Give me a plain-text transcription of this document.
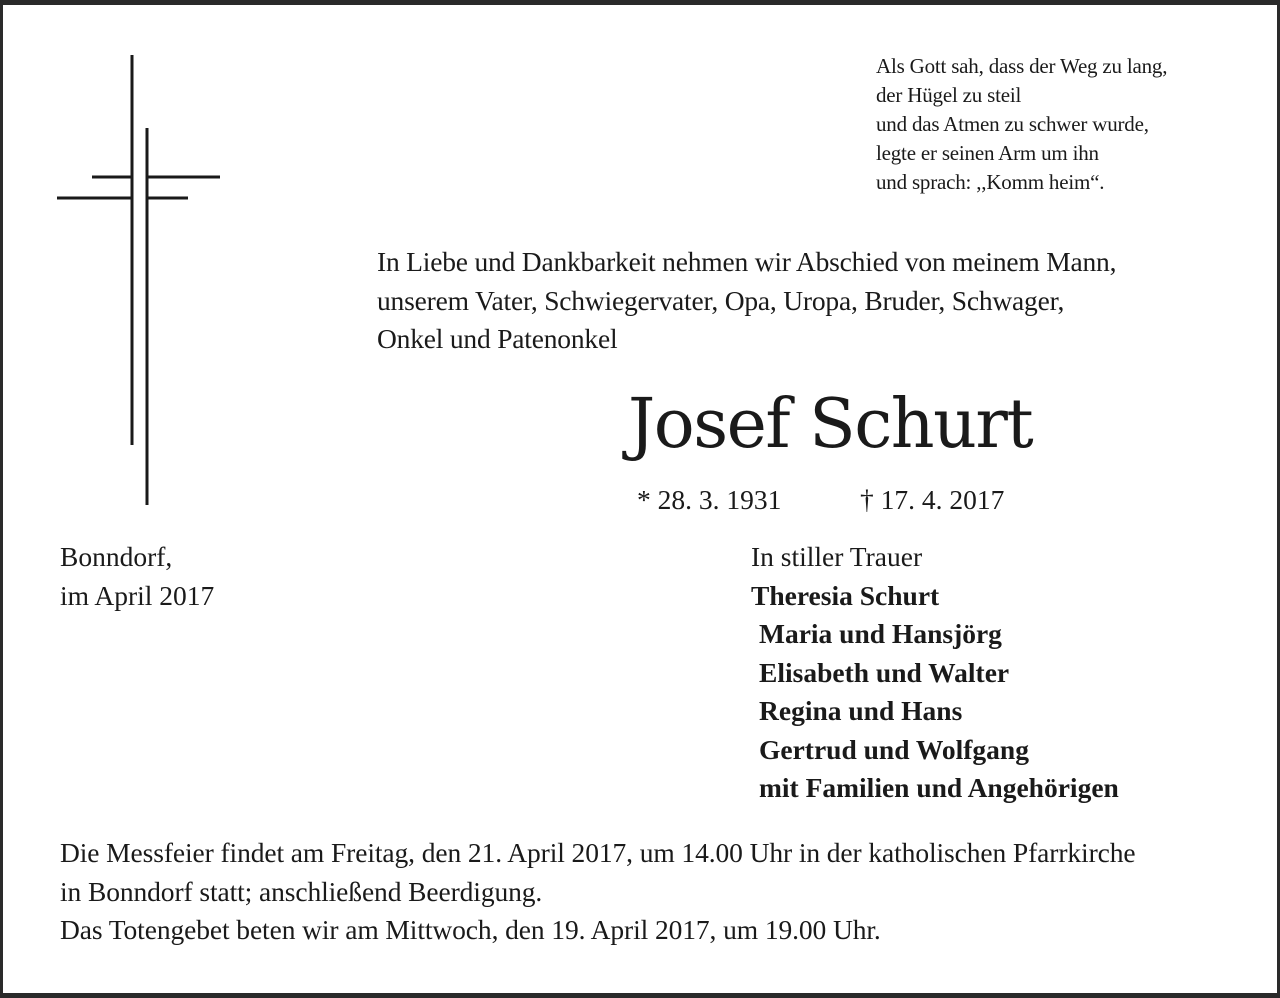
Als Gott sah, dass der Weg zu lang,
der Hügel zu steil
und das Atmen zu schwer wurde,
legte er seinen Arm um ihn
und sprach: ,,Komm heim“.
In Liebe und Dankbarkeit nehmen wir Abschied von meinem Mann,
unserem Vater, Schwiegervater, Opa, Uropa, Bruder, Schwager,
Onkel und Patenonkel
Josef Schurt
* 28. 3. 1931	† 17. 4. 2017
Bonndorf,
im April 2017
In stiller Trauer
Theresia Schurt
Maria und Hansjörg
Elisabeth und Walter
Regina und Hans
Gertrud und Wolfgang
mit Familien und Angehörigen
Die Messfeier findet am Freitag, den 21. April 2017, um 14.00 Uhr in der katholischen Pfarrkirche
in Bonndorf statt; anschließend Beerdigung.
Das Totengebet beten wir am Mittwoch, den 19. April 2017, um 19.00 Uhr.
